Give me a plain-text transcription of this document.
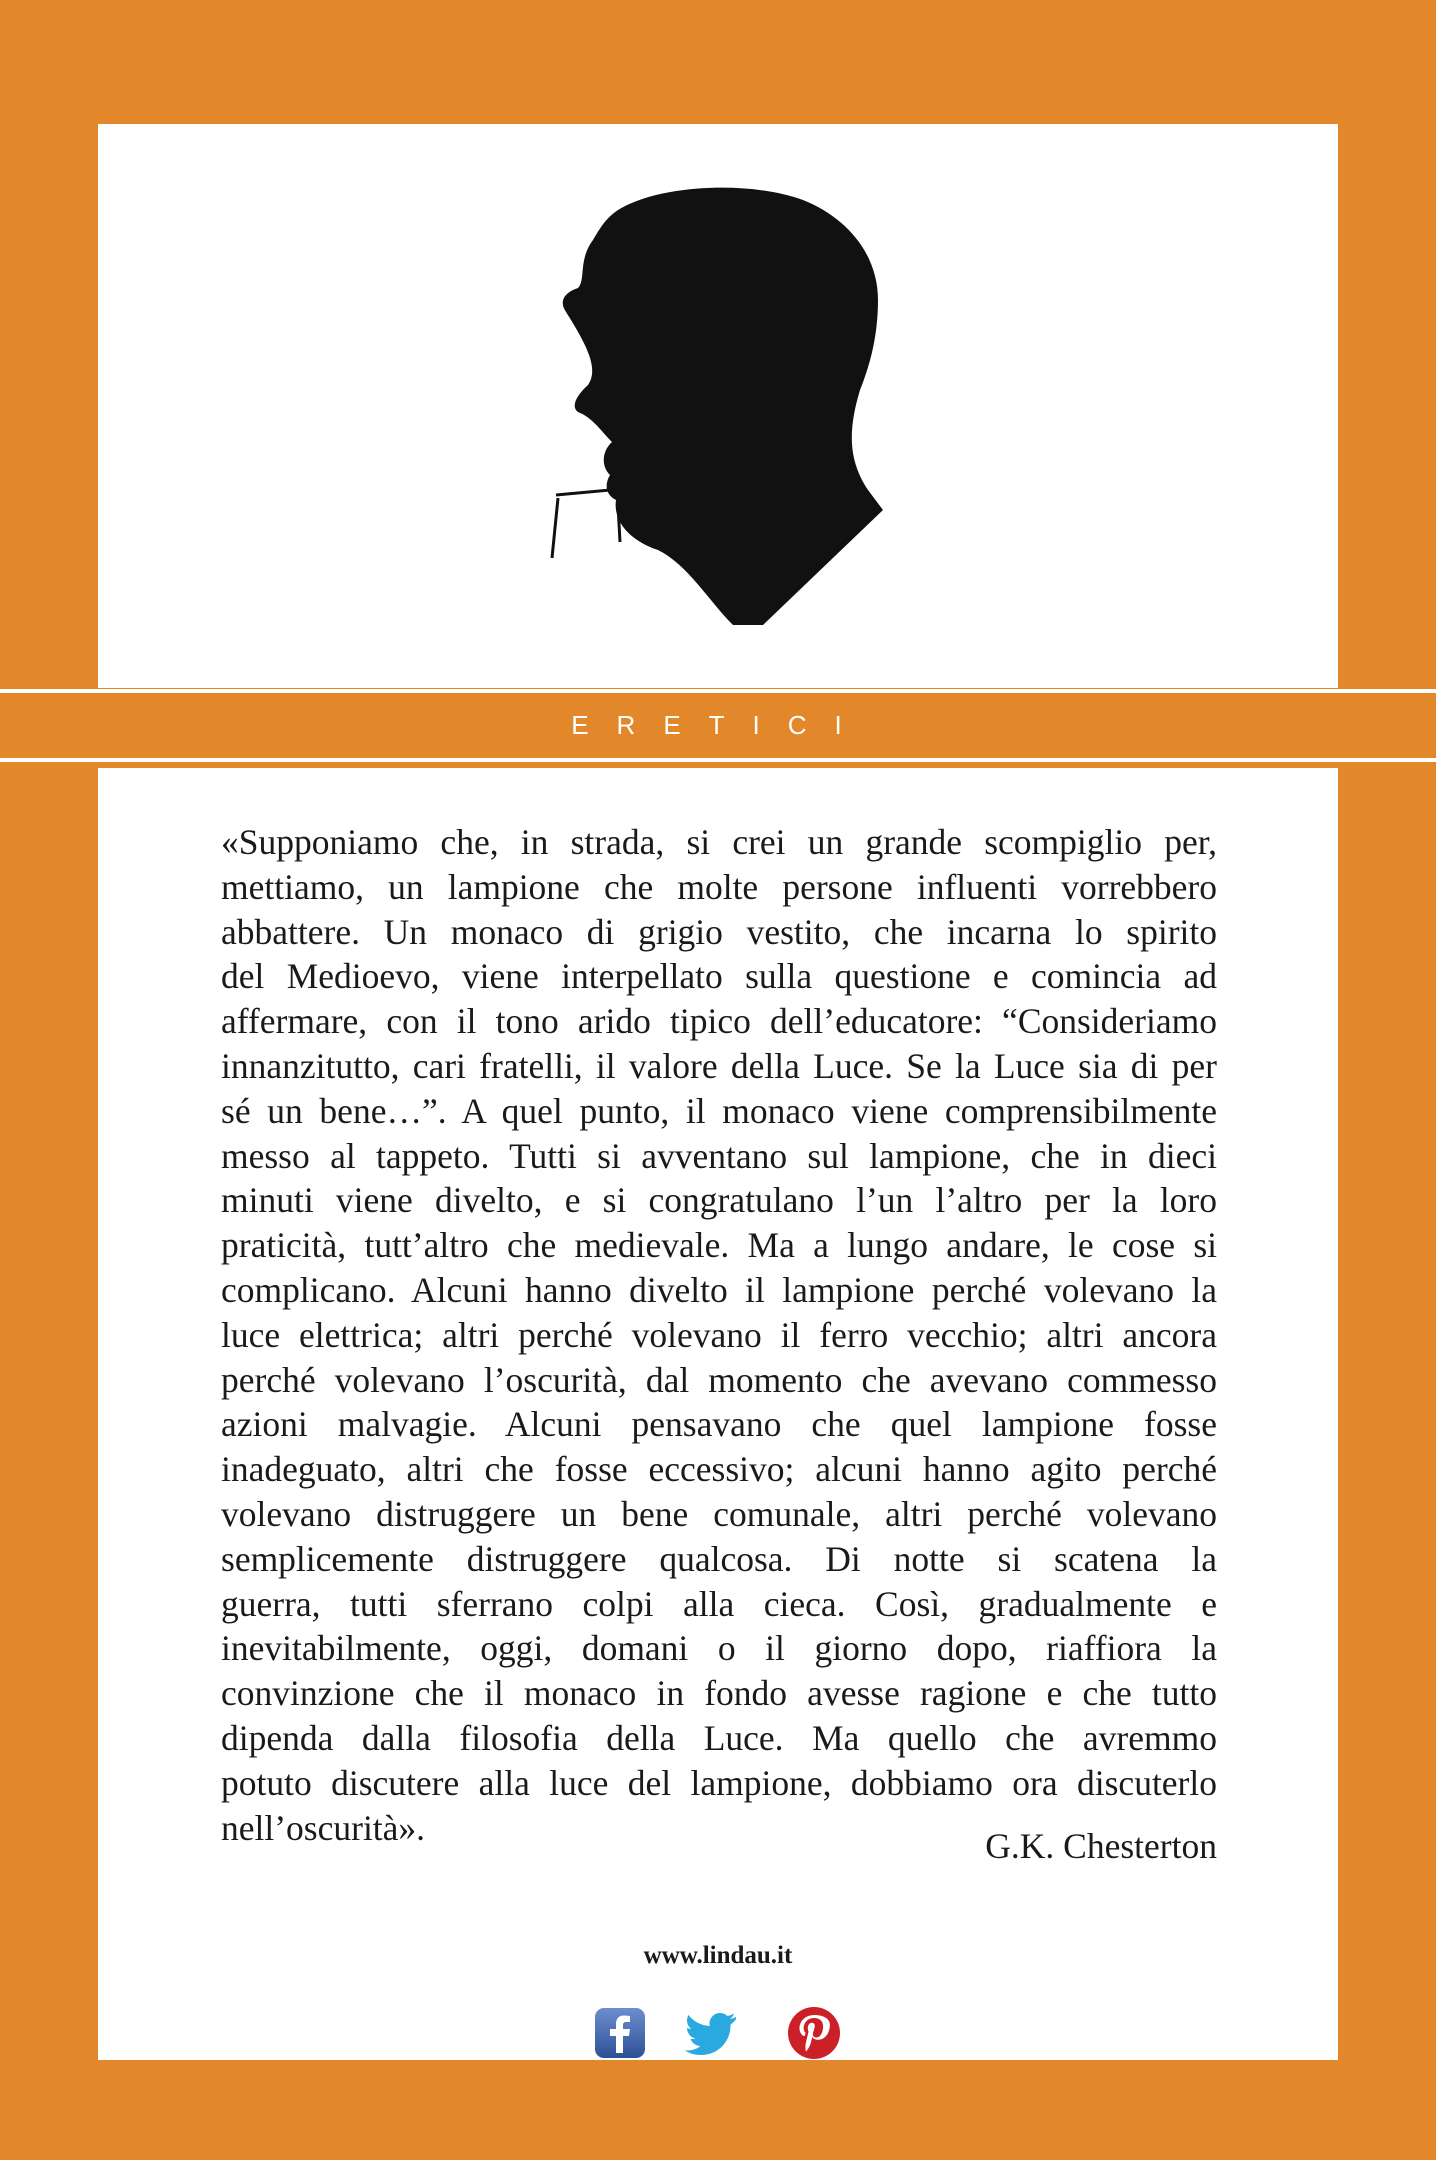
ERETICI

«Supponiamo che, in strada, si crei un grande scompiglio per,
mettiamo, un lampione che molte persone influenti vorrebbero
abbattere. Un monaco di grigio vestito, che incarna lo spirito
del Medioevo, viene interpellato sulla questione e comincia ad
affermare, con il tono arido tipico dell’educatore: “Consideriamo
innanzitutto, cari fratelli, il valore della Luce. Se la Luce sia di per
sé un bene…”. A quel punto, il monaco viene comprensibilmente
messo al tappeto. Tutti si avventano sul lampione, che in dieci
minuti viene divelto, e si congratulano l’un l’altro per la loro
praticità, tutt’altro che medievale. Ma a lungo andare, le cose si
complicano. Alcuni hanno divelto il lampione perché volevano la
luce elettrica; altri perché volevano il ferro vecchio; altri ancora
perché volevano l’oscurità, dal momento che avevano commesso
azioni malvagie. Alcuni pensavano che quel lampione fosse
inadeguato, altri che fosse eccessivo; alcuni hanno agito perché
volevano distruggere un bene comunale, altri perché volevano
semplicemente distruggere qualcosa. Di notte si scatena la
guerra, tutti sferrano colpi alla cieca. Così, gradualmente e
inevitabilmente, oggi, domani o il giorno dopo, riaffiora la
convinzione che il monaco in fondo avesse ragione e che tutto
dipenda dalla filosofia della Luce. Ma quello che avremmo
potuto discutere alla luce del lampione, dobbiamo ora discuterlo
nell’oscurità».	G.K. Chesterton
www.lindau.it
